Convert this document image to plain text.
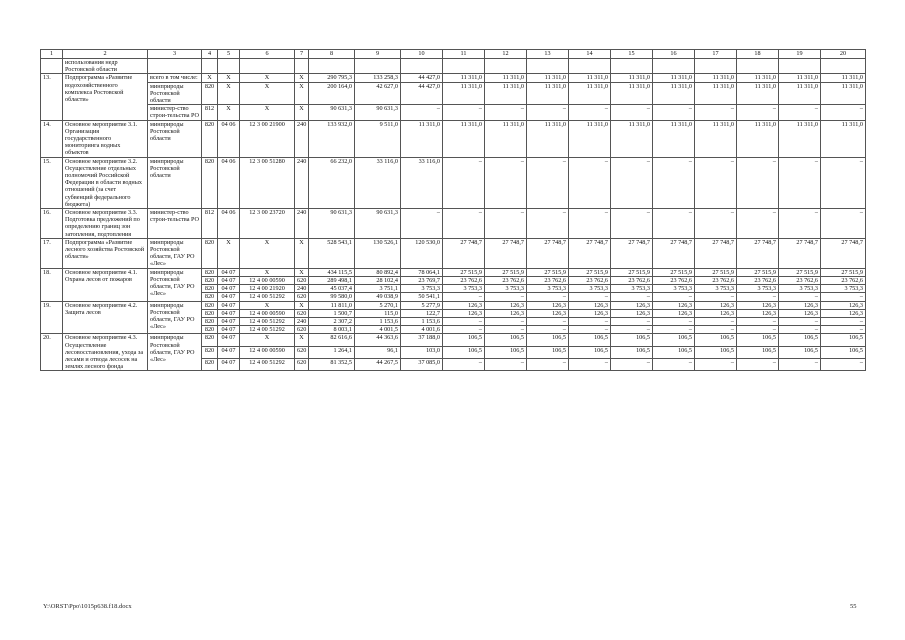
1	2	3	4	5	6	7	8	9	10	11	12	13	14	15	16	17	18	19	20
	использования недр Ростовской области																		
13.	Подпрограмма «Развитие водохозяйственного комплекса Ростовской области»	всего в том числе:	X	X	X	X	290 795,3	133 258,3	44 427,0	11 311,0	11 311,0	11 311,0	11 311,0	11 311,0	11 311,0	11 311,0	11 311,0	11 311,0	11 311,0
		минприроды Ростовской области	820	X	X	X	200 164,0	42 627,0	44 427,0	11 311,0	11 311,0	11 311,0	11 311,0	11 311,0	11 311,0	11 311,0	11 311,0	11 311,0	11 311,0
		министер-ство строи-тельства РО	812	X	X	X	90 631,3	90 631,3	–	–	–	–	–	–	–	–	–	–	–
14.	Основное мероприятие 3.1. Организация государственного мониторинга водных объектов	минприроды Ростовской области	820	04 06	12 3 00 21900	240	133 932,0	9 511,0	11 311,0	11 311,0	11 311,0	11 311,0	11 311,0	11 311,0	11 311,0	11 311,0	11 311,0	11 311,0	11 311,0
15.	Основное мероприятие 3.2. Осуществление отдельных полномочий Российской Федерации в области водных отношений (за счет субвенций федерального бюджета)	минприроды Ростовской области	820	04 06	12 3 00 51280	240	66 232,0	33 116,0	33 116,0	–	–	–	–	–	–	–	–	–	–
16.	Основное мероприятие 3.3. Подготовка предложений по определению границ зон затопления, подтопления	министер-ство строи-тельства РО	812	04 06	12 3 00 23720	240	90 631,3	90 631,3	–	–	–	–	–	–	–	–	–	–	–
17.	Подпрограмма «Развитие лесного хозяйства Ростовской области»	минприроды Ростовской области, ГАУ РО «Лес»	820	X	X	X	528 543,1	130 526,1	120 530,0	27 748,7	27 748,7	27 748,7	27 748,7	27 748,7	27 748,7	27 748,7	27 748,7	27 748,7	27 748,7
18.	Основное мероприятие 4.1. Охрана лесов от пожаров	минприроды Ростовской области, ГАУ РО «Лес»	820	04 07	X	X	434 115,5	80 892,4	78 064,1	27 515,9	27 515,9	27 515,9	27 515,9	27 515,9	27 515,9	27 515,9	27 515,9	27 515,9	27 515,9
			820	04 07	12 4 00 00590	620	289 498,1	28 102,4	23 769,7	23 762,6	23 762,6	23 762,6	23 762,6	23 762,6	23 762,6	23 762,6	23 762,6	23 762,6	23 762,6
			820	04 07	12 4 00 21920	240	45 037,4	3 751,1	3 753,3	3 753,3	3 753,3	3 753,3	3 753,3	3 753,3	3 753,3	3 753,3	3 753,3	3 753,3	3 753,3
			820	04 07	12 4 00 51292	620	99 580,0	49 038,9	50 541,1	–	–	–	–	–	–	–	–	–	–
19.	Основное мероприятие 4.2. Защита лесов	минприроды Ростовской области, ГАУ РО «Лес»	820	04 07	X	X	11 811,0	5 270,1	5 277,9	126,3	126,3	126,3	126,3	126,3	126,3	126,3	126,3	126,3	126,3
			820	04 07	12 4 00 00590	620	1 500,7	115,0	122,7	126,3	126,3	126,3	126,3	126,3	126,3	126,3	126,3	126,3	126,3
			820	04 07	12 4 00 51292	240	2 307,2	1 153,6	1 153,6	–	–	–	–	–	–	–	–	–	–
			820	04 07	12 4 00 51292	620	8 003,1	4 001,5	4 001,6	–	–	–	–	–	–	–	–	–	–
20.	Основное мероприятие 4.3. Осуществление лесовосстановления, ухода за лесами и отвода лесосек на землях лесного фонда	минприроды Ростовской области, ГАУ РО «Лес»	820	04 07	X	X	82 616,6	44 363,6	37 188,0	106,5	106,5	106,5	106,5	106,5	106,5	106,5	106,5	106,5	106,5
			820	04 07	12 4 00 00590	620	1 264,1	96,1	103,0	106,5	106,5	106,5	106,5	106,5	106,5	106,5	106,5	106,5	106,5
			820	04 07	12 4 00 51292	620	81 352,5	44 267,5	37 085,0	–	–	–	–	–	–	–	–	–	–
Y:\ORST\Ppo\1015p638.f18.docx	55
